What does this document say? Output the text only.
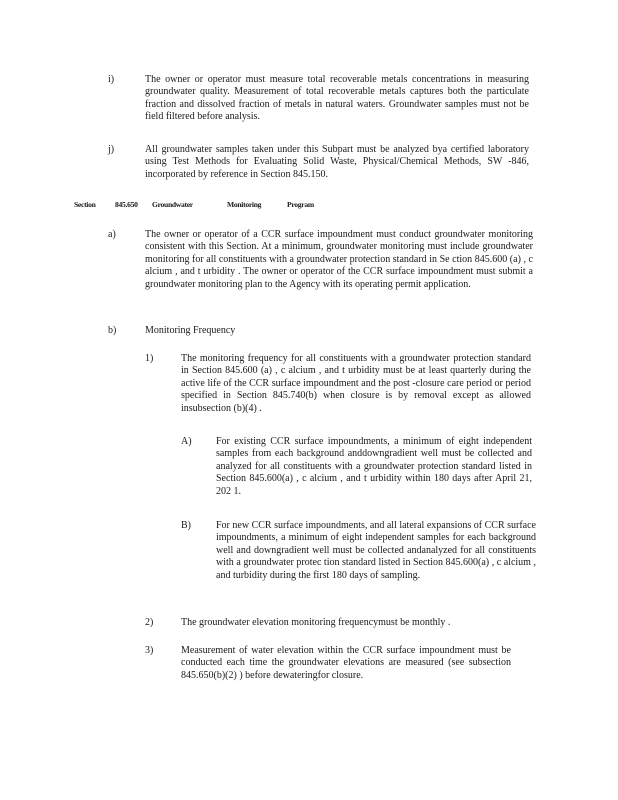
i)	The owner or operator must measure total recoverable metals concentrations in measuring groundwater quality. Measurement of total recoverable metals captures both the particulate fraction and dissolved fraction of metals in natural waters. Groundwater samples must not be field filtered before analysis.
j)	All groundwater samples taken under this Subpart must be analyzed bya certified laboratory using Test Methods for Evaluating Solid Waste, Physical/Chemical Methods, SW -846, incorporated by reference in Section 845.150.
Section	845.650 Groundwater	Monitoring	Program
a)	The owner or operator of a CCR surface impoundment must conduct groundwater monitoring consistent with this Section. At a minimum, groundwater monitoring must include groundwater monitoring for all constituents with a groundwater protection standard in Se ction 845.600 (a) , c alcium , and t urbidity . The owner or operator of the CCR surface impoundment must submit a groundwater monitoring plan to the Agency with its operating permit application.
b)	Monitoring Frequency
1)	The monitoring frequency for all constituents with a groundwater protection standard in Section 845.600 (a) , c alcium , and t urbidity must be at least quarterly during the active life of the CCR surface impoundment and the post -closure care period or period specified in Section 845.740(b) when closure is by removal except as allowed insubsection (b)(4) .
A) For existing CCR surface impoundments, a minimum of eight independent samples from each background anddowngradient well must be collected and analyzed for all constituents with a groundwater protection standard listed in Section 845.600(a) , c alcium , and t urbidity within 180 days after April 21, 202 1.
B)	For new CCR surface impoundments, and all lateral expansions of CCR surface impoundments, a minimum of eight independent samples for each background well and downgradient well must be collected andanalyzed for all constituents with a groundwater protec tion standard listed in Section 845.600(a) , c alcium , and turbidity during the first 180 days of sampling.
2)	The groundwater elevation monitoring frequencymust be monthly .
3)	Measurement of water elevation within the CCR surface impoundment must be conducted each time the groundwater elevations are measured (see subsection 845.650(b)(2) ) before dewateringfor closure.
